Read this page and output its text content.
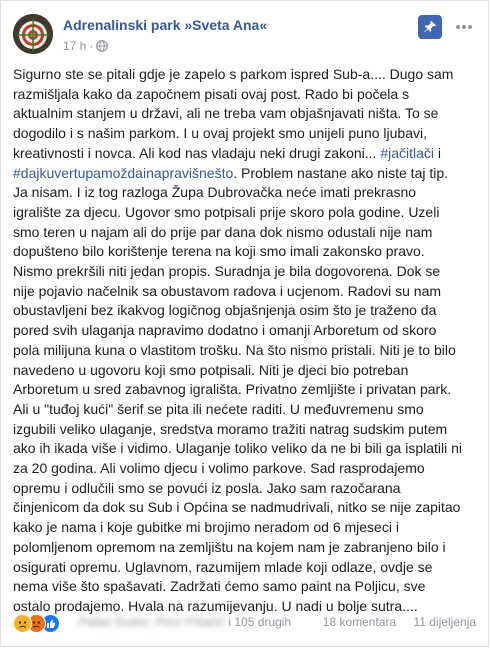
Adrenalinski park »Sveta Ana«
17 h ·
Sigurno ste se pitali gdje je zapelo s parkom ispred Sub-a.... Dugo sam
razmišljala kako da započnem pisati ovaj post. Rado bi počela s
aktualnim stanjem u državi, ali ne treba vam objašnjavati ništa. To se
dogodilo i s našim parkom. I u ovaj projekt smo unijeli puno ljubavi,
kreativnosti i novca. Ali kod nas vladaju neki drugi zakoni... #jačitlači i
#dajkuvertupamoždainapravišnešto. Problem nastane ako niste taj tip.
Ja nisam. I iz tog razloga Župa Dubrovačka neće imati prekrasno
igralište za djecu. Ugovor smo potpisali prije skoro pola godine. Uzeli
smo teren u najam ali do prije par dana dok nismo odustali nije nam
dopušteno bilo korištenje terena na koji smo imali zakonsko pravo.
Nismo prekršili niti jedan propis. Suradnja je bila dogovorena. Dok se
nije pojavio načelnik sa obustavom radova i ucjenom. Radovi su nam
obustavljeni bez ikakvog logičnog objašnjenja osim što je traženo da
pored svih ulaganja napravimo dodatno i omanji Arboretum od skoro
pola milijuna kuna o vlastitom trošku. Na što nismo pristali. Niti je to bilo
navedeno u ugovoru koji smo potpisali. Niti je djeci bio potreban
Arboretum u sred zabavnog igrališta. Privatno zemljište i privatan park.
Ali u "tuđoj kući" šerif se pita ili nećete raditi. U međuvremenu smo
izgubili veliko ulaganje, sredstva moramo tražiti natrag sudskim putem
ako ih ikada više i vidimo. Ulaganje toliko veliko da ne bi bili ga isplatili ni
za 20 godina. Ali volimo djecu i volimo parkove. Sad rasprodajemo
opremu i odlučili smo se povući iz posla. Jako sam razočarana
činjenicom da dok su Sub i Općina se nadmudrivali, nitko se nije zapitao
kako je nama i koje gubitke mi brojimo neradom od 6 mjeseci i
polomljenom opremom na zemljištu na kojem nam je zabranjeno bilo i
osigurati opremu. Uglavnom, razumijem mlade koji odlaze, ovdje se
nema više što spašavati. Zadržati ćemo samo paint na Poljicu, sve
ostalo prodajemo. Hvala na razumijevanju. U nadi u bolje sutra....
Pallas Dudoc, Pero Prbačić i 105 drugih	18 komentara 11 dijeljenja
